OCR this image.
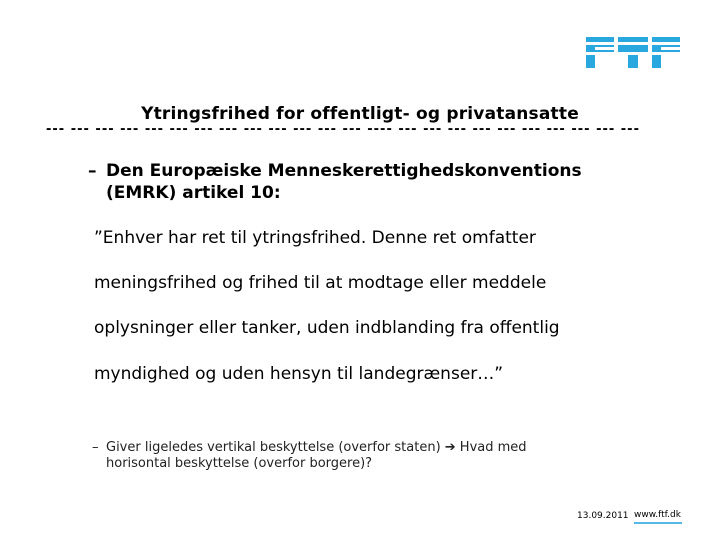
Ytringsfrihed for offentligt- og privatansatte
--- --- --- --- --- --- --- --- --- --- --- --- --- ---- --- --- --- --- --- --- --- --- --- ---
– Den Europæiske Menneskerettighedskonventions
(EMRK) artikel 10:
”Enhver har ret til ytringsfrihed. Denne ret omfatter
meningsfrihed og frihed til at modtage eller meddele
oplysninger eller tanker, uden indblanding fra offentlig
myndighed og uden hensyn til landegrænser…”
– Giver ligeledes vertikal beskyttelse (overfor staten) ➔ Hvad med
horisontal beskyttelse (overfor borgere)?
13.09.2011 www.ftf.dk
